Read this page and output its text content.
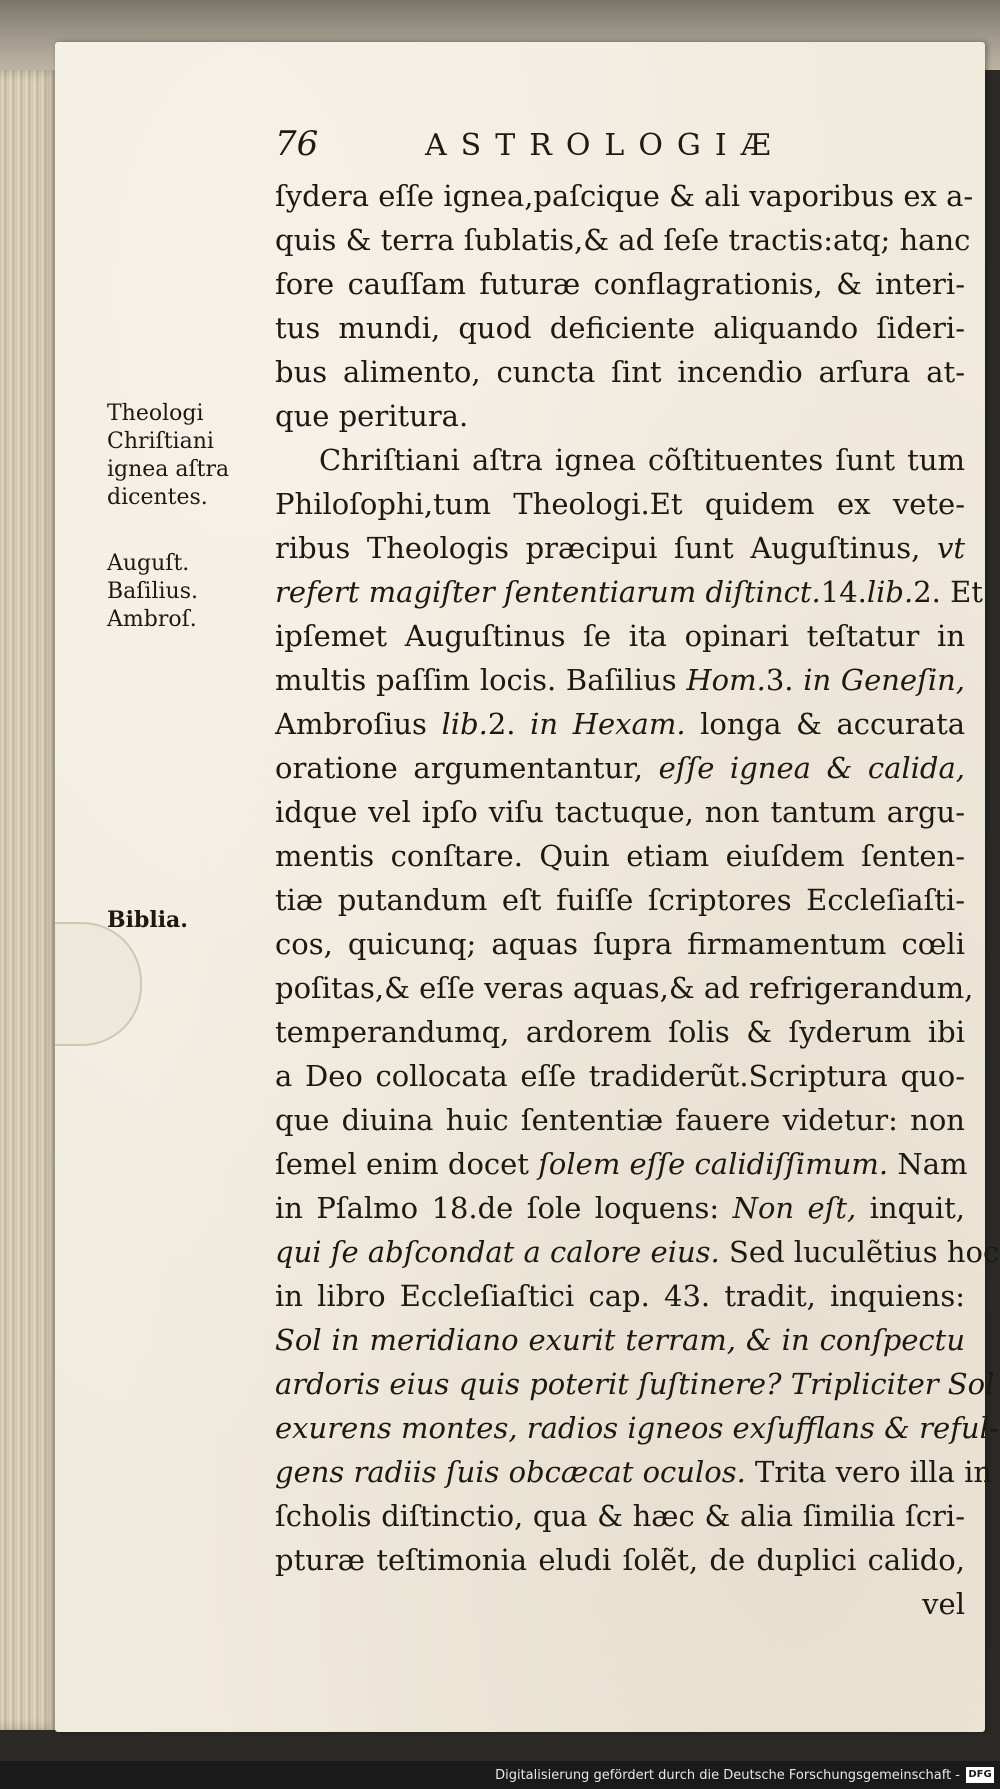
76	ASTROLOGIÆ
ſydera eſſe ignea,paſcique & ali vaporibus ex a-
quis & terra ſublatis,& ad ſeſe tractis:atq; hanc
fore cauſſam futuræ conflagrationis, & interi-
tus mundi, quod deficiente aliquando ſideri-
bus alimento, cuncta ſint incendio arſura at-
que peritura.
Chriſtiani aſtra ignea cõſtituentes ſunt tum
Philoſophi,tum Theologi.Et quidem ex vete-
ribus Theologis præcipui ſunt Auguſtinus, vt
refert magiſter ſententiarum diſtinct.14.lib.2. Et
ipſemet Auguſtinus ſe ita opinari teſtatur in
multis paſſim locis. Baſilius Hom.3. in Geneſin,
Ambroſius lib.2. in Hexam. longa & accurata
oratione argumentantur, eſſe ignea & calida,
idque vel ipſo viſu tactuque, non tantum argu-
mentis conſtare. Quin etiam eiuſdem ſenten-
tiæ putandum eſt fuiſſe ſcriptores Eccleſiaſti-
cos, quicunq; aquas ſupra firmamentum cœli
poſitas,& eſſe veras aquas,& ad refrigerandum,
temperandumq, ardorem ſolis & ſyderum ibi
a Deo collocata eſſe tradiderũt.Scriptura quo-
que diuina huic ſententiæ fauere videtur: non
ſemel enim docet ſolem eſſe calidiſſimum. Nam
in Pſalmo 18.de ſole loquens: Non eſt, inquit,
qui ſe abſcondat a calore eius. Sed luculẽtius hoc
in libro Eccleſiaſtici cap. 43. tradit, inquiens:
Sol in meridiano exurit terram, & in conſpectu
ardoris eius quis poterit ſuſtinere? Tripliciter Sol
exurens montes, radios igneos exſufflans & reful-
gens radiis ſuis obcæcat oculos. Trita vero illa in
ſcholis diſtinctio, qua & hæc & alia ſimilia ſcri-
pturæ teſtimonia eludi ſolẽt, de duplici calido,
vel
Theologi Chriſtiani ignea aſtra dicentes.
Auguſt. Baſilius. Ambroſ.
Biblia.
Digitalisierung gefördert durch die Deutsche Forschungsgemeinschaft - DFG
